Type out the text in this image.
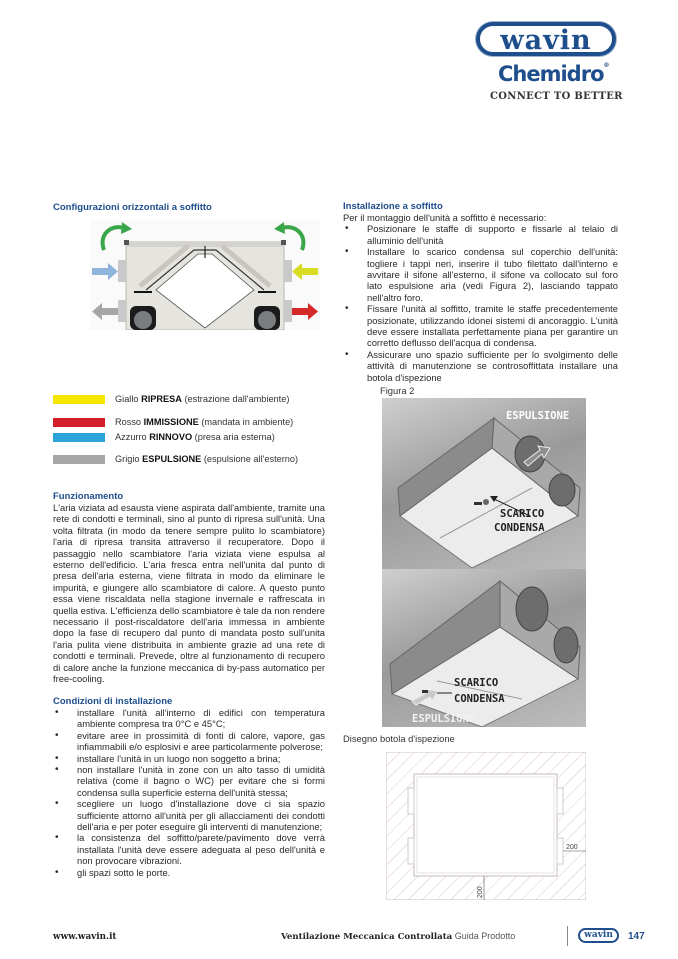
wavin
Chemidro®
CONNECT TO BETTER
Configurazioni orizzontali a soffitto
Giallo RIPRESA (estrazione dall'ambiente)
Rosso IMMISSIONE (mandata in ambiente)
Azzurro RINNOVO (presa aria esterna)
Grigio ESPULSIONE (espulsione all'esterno)
Funzionamento

L'aria viziata ad esausta viene aspirata dall'ambiente, tramite una rete di condotti e terminali, sino al punto di ripresa sull'unità. Una volta filtrata (in modo da tenere sempre pulito lo scambiatore) l'aria di ripresa transita attraverso il recuperatore. Dopo il passaggio nello scambiatore l'aria viziata viene espulsa al esterno dell'edificio. L'aria fresca entra nell'unita dal punto di presa dell'aria esterna, viene filtrata in modo da eliminare le impurità, e giungere allo scambiatore di calore. A questo punto essa viene riscaldata nella stagione invernale e raffrescata in quella estiva. L'efficienza dello scambiatore è tale da non rendere necessario il post-riscaldatore dell'aria immessa in ambiente dopo la fase di recupero dal punto di mandata posto sull'unita l'aria pulita viene distribuita in ambiente grazie ad una rete di condotti e terminali. Prevede, oltre al funzionamento di recupero di calore anche la funzione meccanica di by-pass automatico per free-cooling.

Condizioni di installazione
• installare l'unità all'interno di edifici con temperatura ambiente compresa tra 0°C e 45°C;
• evitare aree in prossimità di fonti di calore, vapore, gas infiammabili e/o esplosivi e aree particolarmente polverose;
• installare l'unità in un luogo non soggetto a brina;
• non installare l'unità in zone con un alto tasso di umidità relativa (come il bagno o WC) per evitare che si formi condensa sulla superficie esterna dell'unità stessa;
• scegliere un luogo d'installazione dove ci sia spazio sufficiente attorno all'unità per gli allacciamenti dei condotti dell'aria e per poter eseguire gli interventi di manutenzione;
• la consistenza del soffitto/parete/pavimento dove verrà installata l'unità deve essere adeguata al peso dell'unità e non provocare vibrazioni.
• gli spazi sotto le porte.
Installazione a soffitto

Per il montaggio dell'unità a soffitto è necessario:

• Posizionare le staffe di supporto e fissarle al telaio di alluminio dell'unità
• Installare lo scarico condensa sul coperchio dell'unità: togliere i tappi neri, inserire il tubo filettato dall'interno e avvitare il sifone all'esterno, il sifone va collocato sul foro lato espulsione aria (vedi Figura 2), lasciando tappato nell'altro foro.
• Fissare l'unità al soffitto, tramite le staffe precedentemente posizionate, utilizzando idonei sistemi di ancoraggio. L'unità deve essere installata perfettamente piana per garantire un corretto deflusso dell'acqua di condensa.
• Assicurare uno spazio sufficiente per lo svolgimento delle attività di manutenzione se controsoffittata installare una botola d'ispezione
Figura 2
ESPULSIONE
SCARICO
CONDENSA
SCARICO
CONDENSA
ESPULSIONE
Disegno botola d'ispezione
200
200
www.wavin.it	Ventilazione Meccanica Controllata Guida Prodotto	wavin	147
